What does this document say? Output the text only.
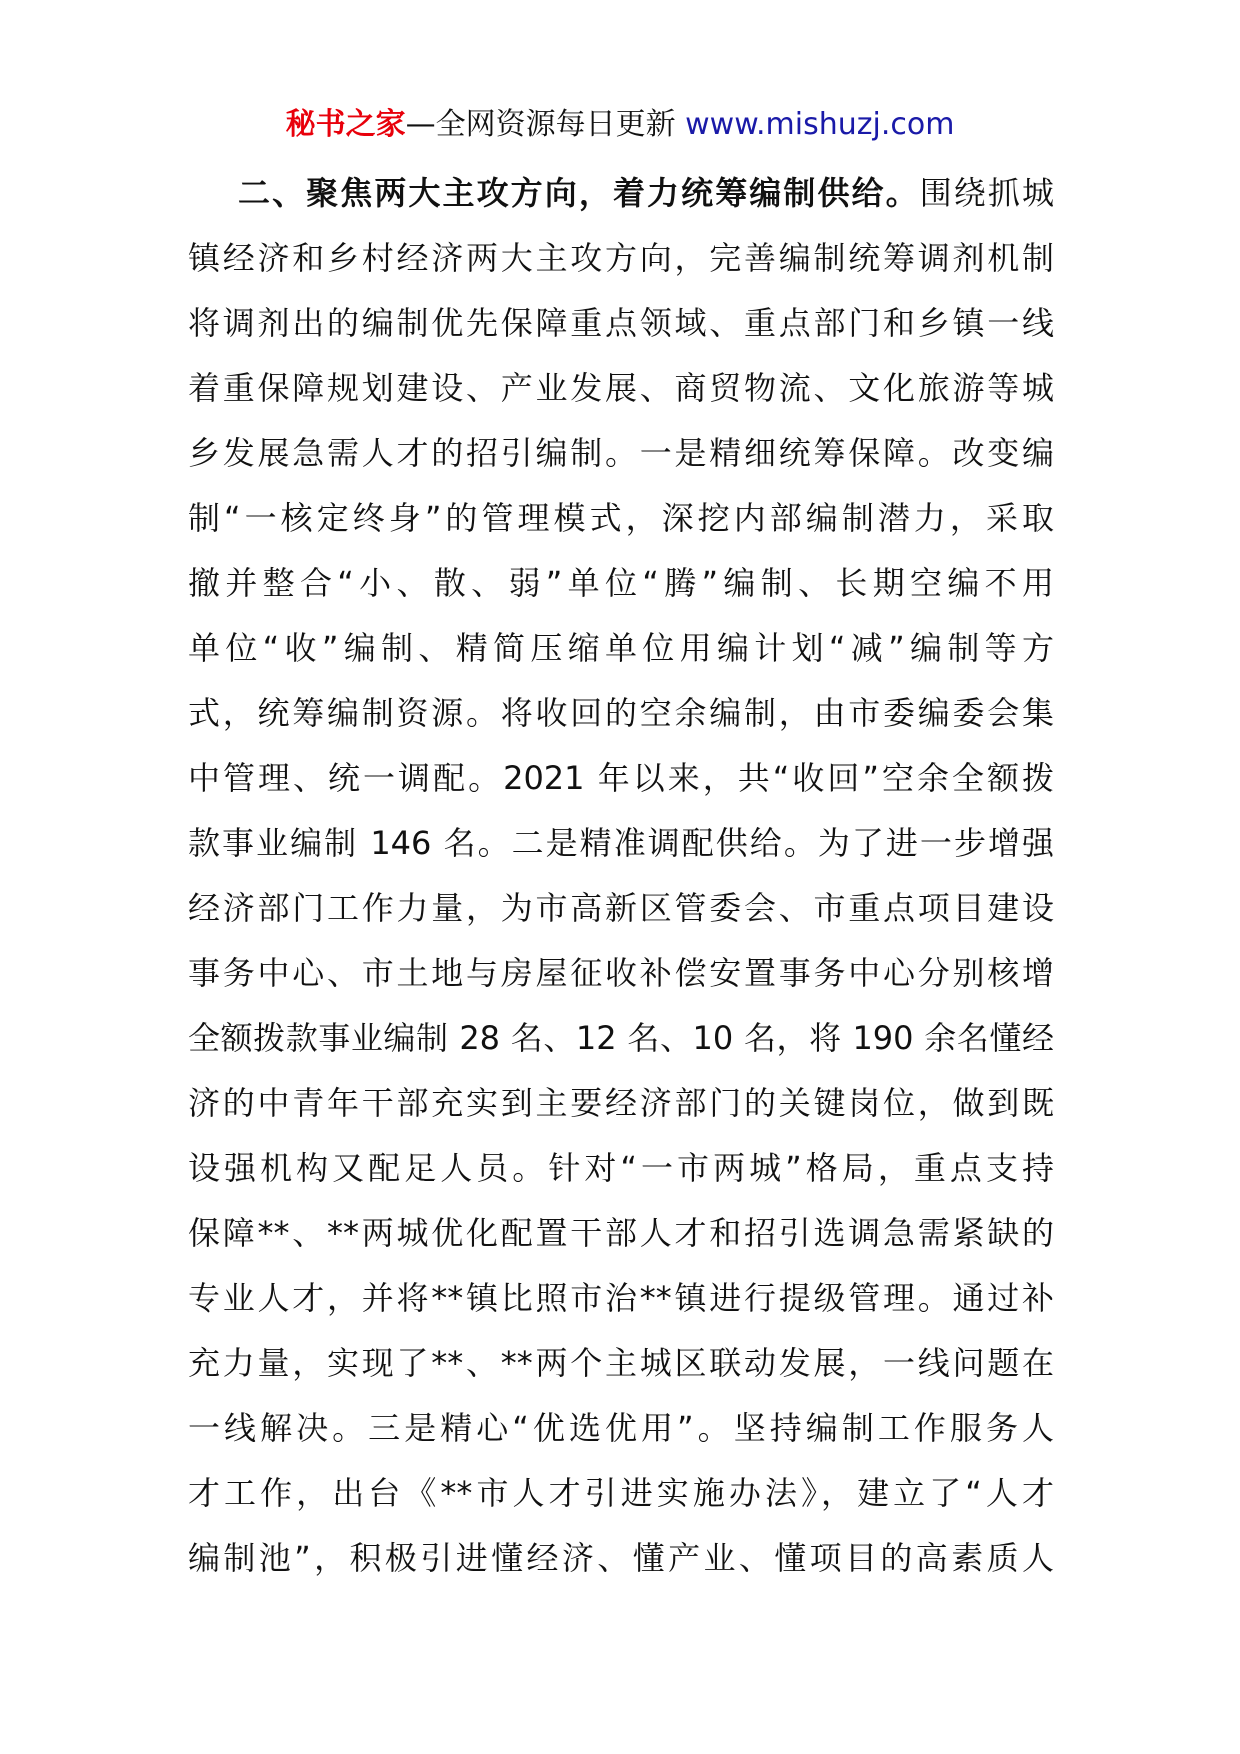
秘书之家—全网资源每日更新 www.mishuzj.com
二、聚焦两大主攻方向，着力统筹编制供给。围绕抓城
镇经济和乡村经济两大主攻方向，完善编制统筹调剂机制
将调剂出的编制优先保障重点领域、重点部门和乡镇一线
着重保障规划建设、产业发展、商贸物流、文化旅游等城
乡发展急需人才的招引编制。一是精细统筹保障。改变编
制“一核定终身”的管理模式，深挖内部编制潜力，采取
撤并整合“小、散、弱”单位“腾”编制、长期空编不用
单位“收”编制、精简压缩单位用编计划“减”编制等方
式，统筹编制资源。将收回的空余编制，由市委编委会集
中管理、统一调配。2021 年以来，共“收回”空余全额拨
款事业编制 146 名。二是精准调配供给。为了进一步增强
经济部门工作力量，为市高新区管委会、市重点项目建设
事务中心、市土地与房屋征收补偿安置事务中心分别核增
全额拨款事业编制 28 名、12 名、10 名，将 190 余名懂经
济的中青年干部充实到主要经济部门的关键岗位，做到既
设强机构又配足人员。针对“一市两城”格局，重点支持
保障**、**两城优化配置干部人才和招引选调急需紧缺的
专业人才，并将**镇比照市治**镇进行提级管理。通过补
充力量，实现了**、**两个主城区联动发展，一线问题在
一线解决。三是精心“优选优用”。坚持编制工作服务人
才工作，出台《**市人才引进实施办法》，建立了“人才
编制池”，积极引进懂经济、懂产业、懂项目的高素质人
